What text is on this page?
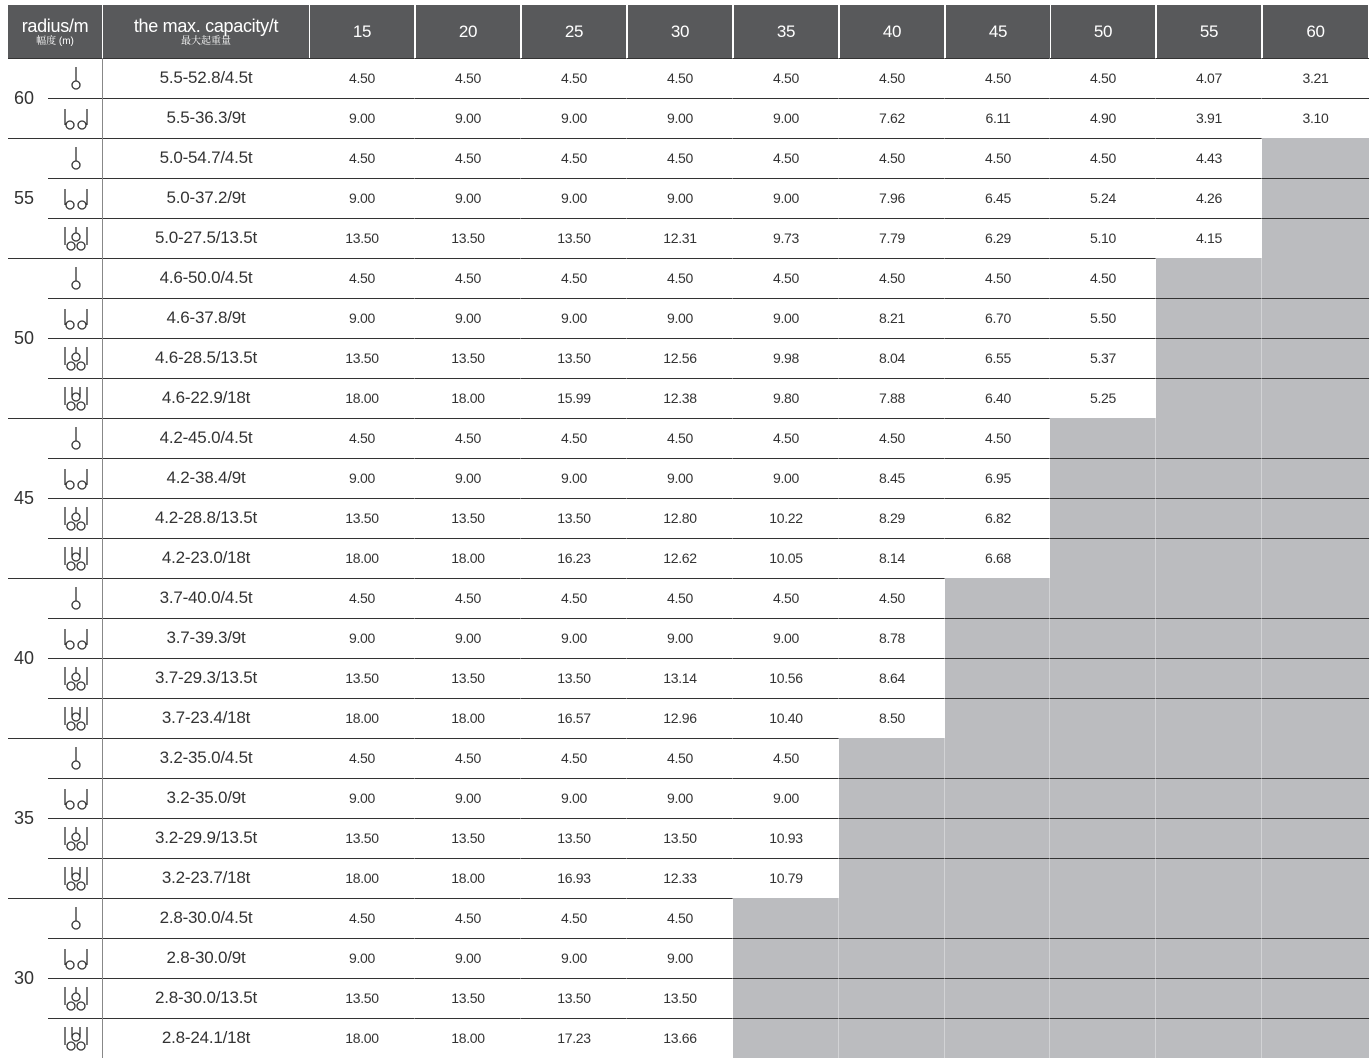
radius/m
幅度 (m)
the max. capacity/t
最大起重量
15	20	25	30	35	40	45	50	55	60
60
5.5-52.8/4.5t	4.50	4.50	4.50	4.50	4.50	4.50	4.50	4.50	4.07	3.21
5.5-36.3/9t	9.00	9.00	9.00	9.00	9.00	7.62	6.11	4.90	3.91	3.10
55
5.0-54.7/4.5t	4.50	4.50	4.50	4.50	4.50	4.50	4.50	4.50	4.43
5.0-37.2/9t	9.00	9.00	9.00	9.00	9.00	7.96	6.45	5.24	4.26
5.0-27.5/13.5t	13.50	13.50	13.50	12.31	9.73	7.79	6.29	5.10	4.15
50
4.6-50.0/4.5t	4.50	4.50	4.50	4.50	4.50	4.50	4.50	4.50
4.6-37.8/9t	9.00	9.00	9.00	9.00	9.00	8.21	6.70	5.50
4.6-28.5/13.5t	13.50	13.50	13.50	12.56	9.98	8.04	6.55	5.37
4.6-22.9/18t	18.00	18.00	15.99	12.38	9.80	7.88	6.40	5.25
45
4.2-45.0/4.5t	4.50	4.50	4.50	4.50	4.50	4.50	4.50
4.2-38.4/9t	9.00	9.00	9.00	9.00	9.00	8.45	6.95
4.2-28.8/13.5t	13.50	13.50	13.50	12.80	10.22	8.29	6.82
4.2-23.0/18t	18.00	18.00	16.23	12.62	10.05	8.14	6.68
40
3.7-40.0/4.5t	4.50	4.50	4.50	4.50	4.50	4.50
3.7-39.3/9t	9.00	9.00	9.00	9.00	9.00	8.78
3.7-29.3/13.5t	13.50	13.50	13.50	13.14	10.56	8.64
3.7-23.4/18t	18.00	18.00	16.57	12.96	10.40	8.50
35
3.2-35.0/4.5t	4.50	4.50	4.50	4.50	4.50
3.2-35.0/9t	9.00	9.00	9.00	9.00	9.00
3.2-29.9/13.5t	13.50	13.50	13.50	13.50	10.93
3.2-23.7/18t	18.00	18.00	16.93	12.33	10.79
30
2.8-30.0/4.5t	4.50	4.50	4.50	4.50
2.8-30.0/9t	9.00	9.00	9.00	9.00
2.8-30.0/13.5t	13.50	13.50	13.50	13.50
2.8-24.1/18t	18.00	18.00	17.23	13.66
